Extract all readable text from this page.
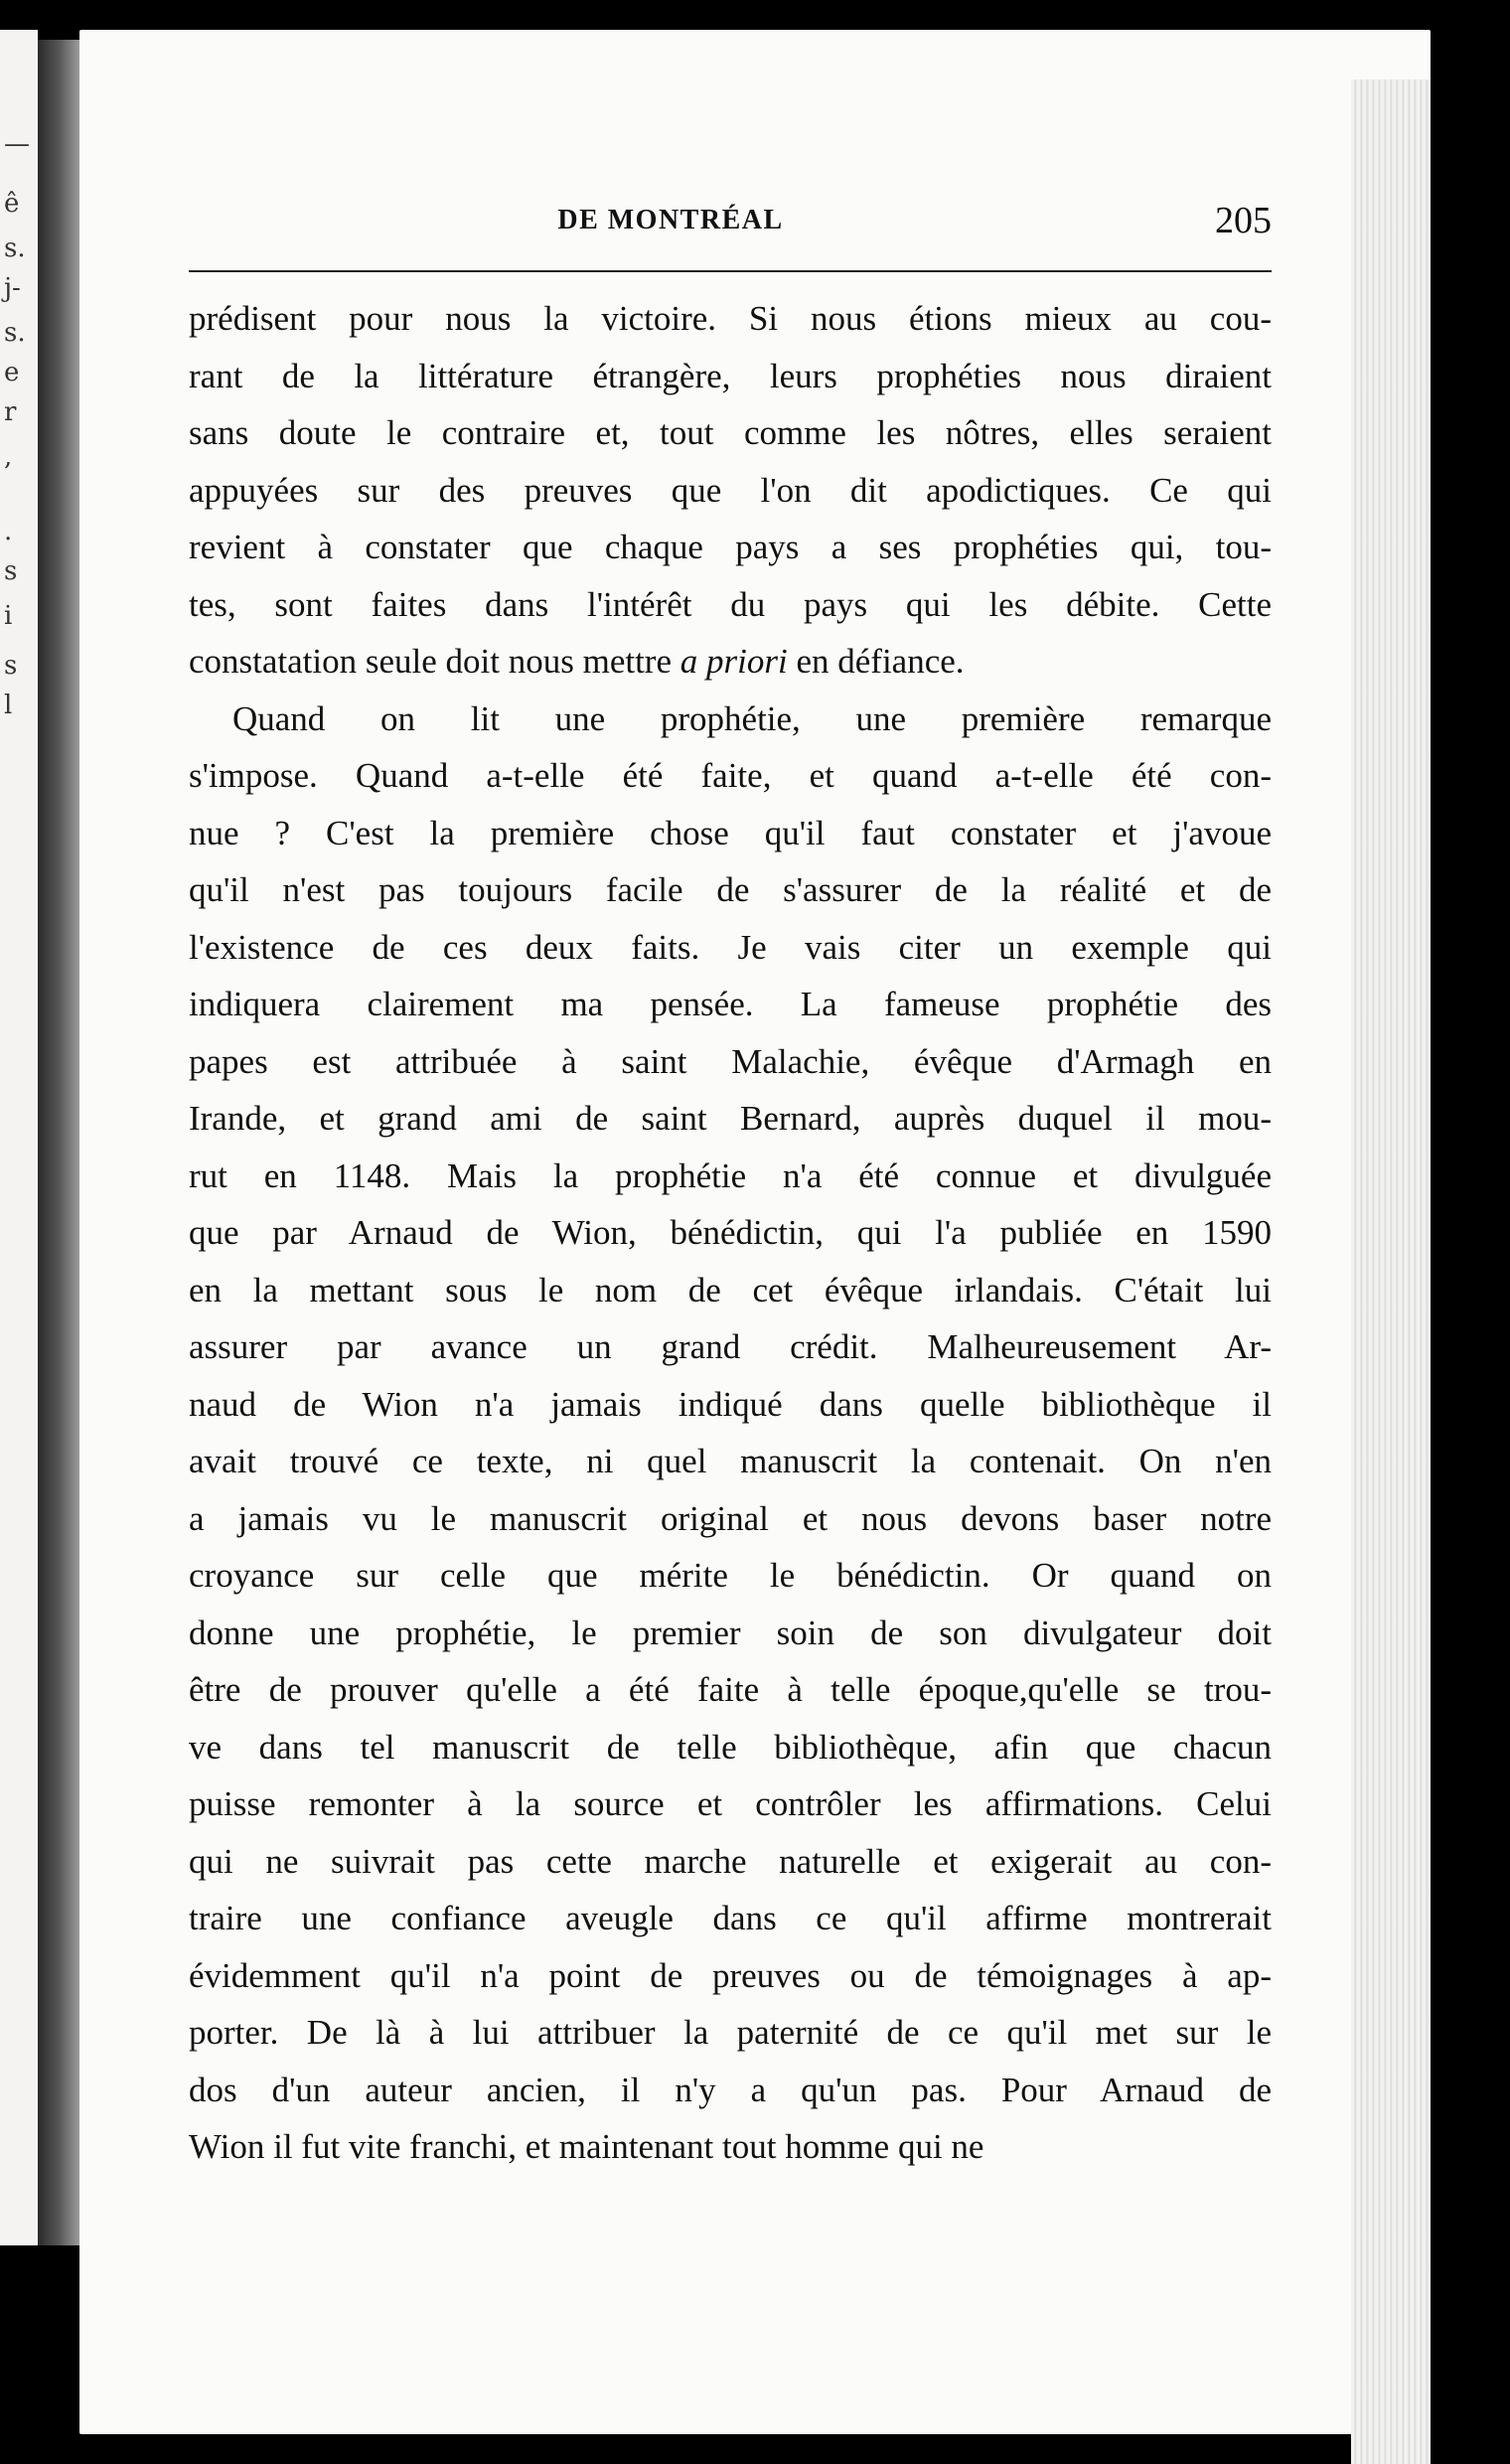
—
ê
s.
j-
s.
e
r
,
.
s
i
s
l
DE MONTRÉAL	205

prédisent pour nous la victoire. Si nous étions mieux au cou-
rant de la littérature étrangère, leurs prophéties nous diraient
sans doute le contraire et, tout comme les nôtres, elles seraient
appuyées sur des preuves que l'on dit apodictiques. Ce qui
revient à constater que chaque pays a ses prophéties qui, tou-
tes, sont faites dans l'intérêt du pays qui les débite. Cette
constatation seule doit nous mettre a priori en défiance.

Quand on lit une prophétie, une première remarque
s'impose. Quand a-t-elle été faite, et quand a-t-elle été con-
nue ? C'est la première chose qu'il faut constater et j'avoue
qu'il n'est pas toujours facile de s'assurer de la réalité et de
l'existence de ces deux faits. Je vais citer un exemple qui
indiquera clairement ma pensée. La fameuse prophétie des
papes est attribuée à saint Malachie, évêque d'Armagh en
Irande, et grand ami de saint Bernard, auprès duquel il mou-
rut en 1148. Mais la prophétie n'a été connue et divulguée
que par Arnaud de Wion, bénédictin, qui l'a publiée en 1590
en la mettant sous le nom de cet évêque irlandais. C'était lui
assurer par avance un grand crédit. Malheureusement Ar-
naud de Wion n'a jamais indiqué dans quelle bibliothèque il
avait trouvé ce texte, ni quel manuscrit la contenait. On n'en
a jamais vu le manuscrit original et nous devons baser notre
croyance sur celle que mérite le bénédictin. Or quand on
donne une prophétie, le premier soin de son divulgateur doit
être de prouver qu'elle a été faite à telle époque,qu'elle se trou-
ve dans tel manuscrit de telle bibliothèque, afin que chacun
puisse remonter à la source et contrôler les affirmations. Celui
qui ne suivrait pas cette marche naturelle et exigerait au con-
traire une confiance aveugle dans ce qu'il affirme montrerait
évidemment qu'il n'a point de preuves ou de témoignages à ap-
porter. De là à lui attribuer la paternité de ce qu'il met sur le
dos d'un auteur ancien, il n'y a qu'un pas. Pour Arnaud de
Wion il fut vite franchi, et maintenant tout homme qui ne
